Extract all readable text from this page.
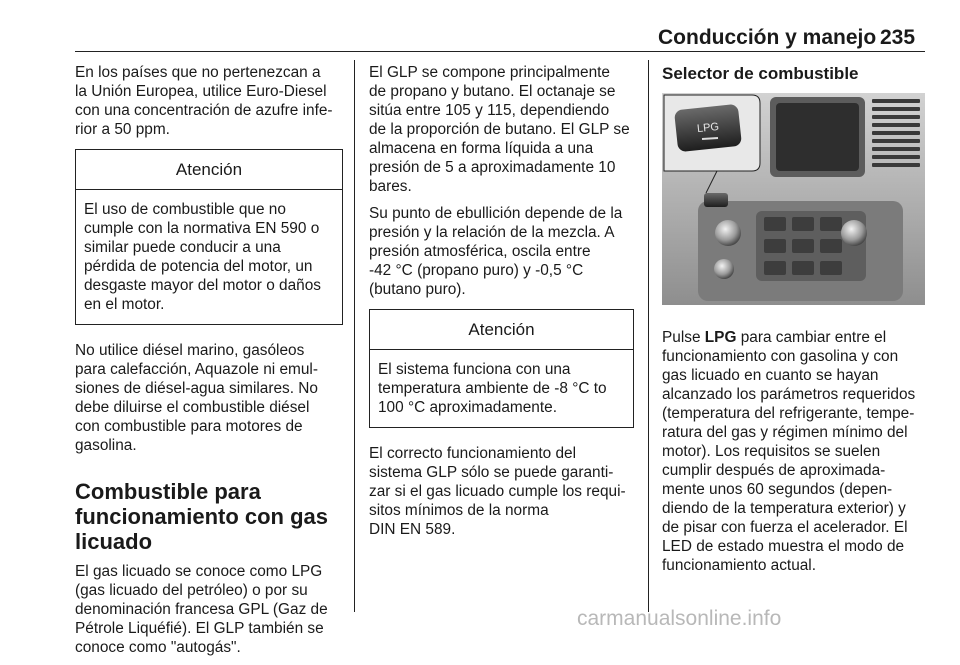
Conducción y manejo 235

En los países que no pertenezcan a
la Unión Europea, utilice Euro-Diesel
con una concentración de azufre infe-
rior a 50 ppm.

Atención
El uso de combustible que no
cumple con la normativa EN 590 o
similar puede conducir a una
pérdida de potencia del motor, un
desgaste mayor del motor o daños
en el motor.

No utilice diésel marino, gasóleos
para calefacción, Aquazole ni emul-
siones de diésel-agua similares. No
debe diluirse el combustible diésel
con combustible para motores de
gasolina.

Combustible para
funcionamiento con gas
licuado

El gas licuado se conoce como LPG
(gas licuado del petróleo) o por su
denominación francesa GPL (Gaz de
Pétrole Liquéfié). El GLP también se
conoce como "autogás".

El GLP se compone principalmente
de propano y butano. El octanaje se
sitúa entre 105 y 115, dependiendo
de la proporción de butano. El GLP se
almacena en forma líquida a una
presión de 5 a aproximadamente 10
bares.

Su punto de ebullición depende de la
presión y la relación de la mezcla. A
presión atmosférica, oscila entre
-42 °C (propano puro) y -0,5 °C
(butano puro).

Atención
El sistema funciona con una
temperatura ambiente de -8 °C to
100 °C aproximadamente.

El correcto funcionamiento del
sistema GLP sólo se puede garanti-
zar si el gas licuado cumple los requi-
sitos mínimos de la norma
DIN EN 589.

Selector de combustible
LPG

Pulse LPG para cambiar entre el
funcionamiento con gasolina y con
gas licuado en cuanto se hayan
alcanzado los parámetros requeridos
(temperatura del refrigerante, tempe-
ratura del gas y régimen mínimo del
motor). Los requisitos se suelen
cumplir después de aproximada-
mente unos 60 segundos (depen-
diendo de la temperatura exterior) y
de pisar con fuerza el acelerador. El
LED de estado muestra el modo de
funcionamiento actual.

carmanualsonline.info
